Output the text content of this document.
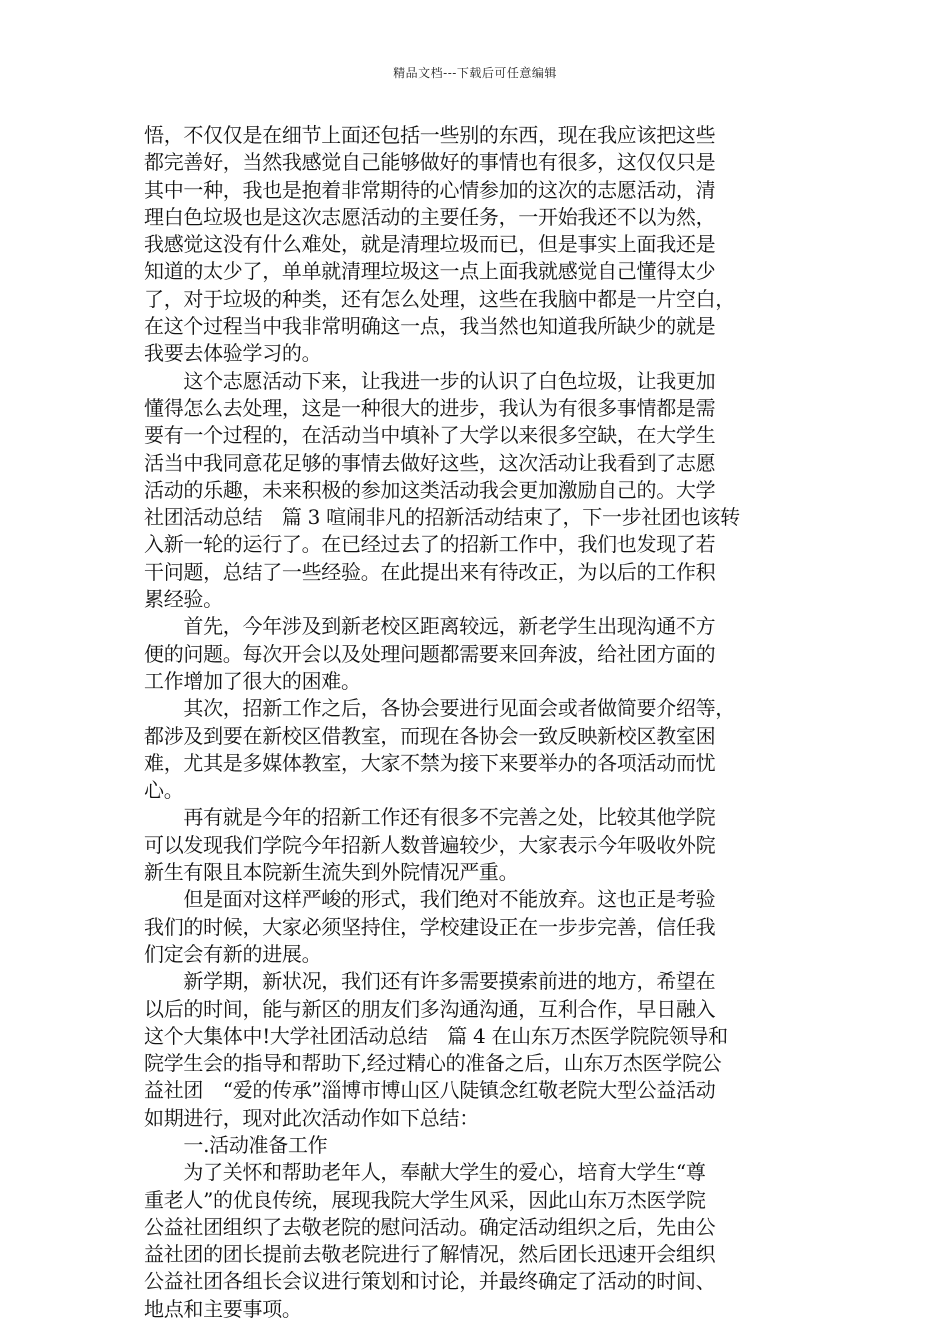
精品文档---下载后可任意编辑

悟，不仅仅是在细节上面还包括一些别的东西，现在我应该把这些
都完善好，当然我感觉自己能够做好的事情也有很多，这仅仅只是
其中一种，我也是抱着非常期待的心情参加的这次的志愿活动，清
理白色垃圾也是这次志愿活动的主要任务，一开始我还不以为然，
我感觉这没有什么难处，就是清理垃圾而已，但是事实上面我还是
知道的太少了，单单就清理垃圾这一点上面我就感觉自己懂得太少
了，对于垃圾的种类，还有怎么处理，这些在我脑中都是一片空白，
在这个过程当中我非常明确这一点，我当然也知道我所缺少的就是
我要去体验学习的。

　　这个志愿活动下来，让我进一步的认识了白色垃圾，让我更加
懂得怎么去处理，这是一种很大的进步，我认为有很多事情都是需
要有一个过程的，在活动当中填补了大学以来很多空缺，在大学生
活当中我同意花足够的事情去做好这些，这次活动让我看到了志愿
活动的乐趣，未来积极的参加这类活动我会更加激励自己的。大学
社团活动总结　篇 3 喧闹非凡的招新活动结束了，下一步社团也该转
入新一轮的运行了。在已经过去了的招新工作中，我们也发现了若
干问题，总结了一些经验。在此提出来有待改正，为以后的工作积
累经验。

　　首先，今年涉及到新老校区距离较远，新老学生出现沟通不方
便的问题。每次开会以及处理问题都需要来回奔波，给社团方面的
工作增加了很大的困难。

　　其次，招新工作之后，各协会要进行见面会或者做简要介绍等，
都涉及到要在新校区借教室，而现在各协会一致反映新校区教室困
难，尤其是多媒体教室，大家不禁为接下来要举办的各项活动而忧
心。

　　再有就是今年的招新工作还有很多不完善之处，比较其他学院
可以发现我们学院今年招新人数普遍较少，大家表示今年吸收外院
新生有限且本院新生流失到外院情况严重。

　　但是面对这样严峻的形式，我们绝对不能放弃。这也正是考验
我们的时候，大家必须坚持住，学校建设正在一步步完善，信任我
们定会有新的进展。

　　新学期，新状况，我们还有许多需要摸索前进的地方，希望在
以后的时间，能与新区的朋友们多沟通沟通，互利合作，早日融入
这个大集体中!大学社团活动总结　篇 4 在山东万杰医学院院领导和
院学生会的指导和帮助下,经过精心的准备之后，山东万杰医学院公
益社团　“爱的传承”淄博市博山区八陡镇念红敬老院大型公益活动
如期进行，现对此次活动作如下总结：

　　一.活动准备工作

　　为了关怀和帮助老年人，奉献大学生的爱心，培育大学生“尊
重老人”的优良传统，展现我院大学生风采，因此山东万杰医学院
公益社团组织了去敬老院的慰问活动。确定活动组织之后，先由公
益社团的团长提前去敬老院进行了解情况，然后团长迅速开会组织
公益社团各组长会议进行策划和讨论，并最终确定了活动的时间、
地点和主要事项。
